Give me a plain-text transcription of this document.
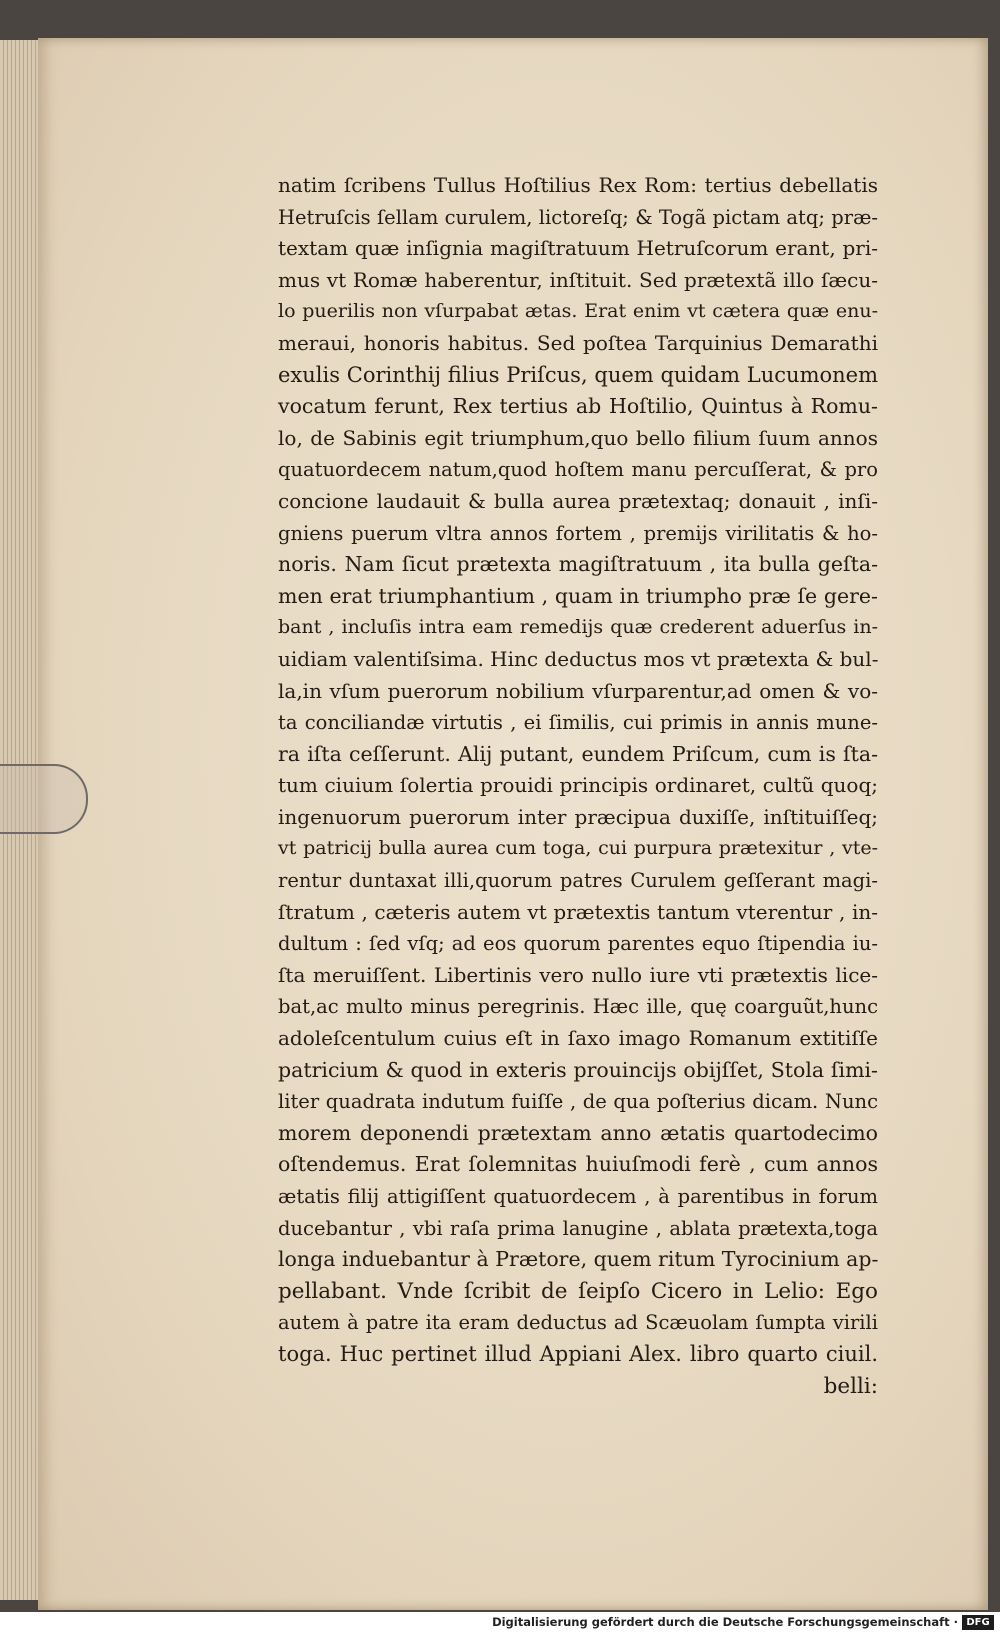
natim ſcribens Tullus Hoſtilius Rex Rom: tertius debellatis
Hetruſcis ſellam curulem, lictoreſq; & Togã pictam atq; præ-
textam quæ inſignia magiſtratuum Hetruſcorum erant, pri-
mus vt Romæ haberentur, inſtituit. Sed prætextã illo ſæcu-
lo puerilis non vſurpabat ætas. Erat enim vt cætera quæ enu-
meraui, honoris habitus. Sed poſtea Tarquinius Demarathi
exulis Corinthij filius Priſcus, quem quidam Lucumonem
vocatum ferunt, Rex tertius ab Hoſtilio, Quintus à Romu-
lo, de Sabinis egit triumphum,quo bello filium ſuum annos
quatuordecem natum,quod hoſtem manu percuſſerat, & pro
concione laudauit & bulla aurea prætextaq; donauit , inſi-
gniens puerum vltra annos fortem , premijs virilitatis & ho-
noris. Nam ſicut prætexta magiſtratuum , ita bulla geſta-
men erat triumphantium , quam in triumpho præ ſe gere-
bant , incluſis intra eam remedijs quæ crederent aduerſus in-
uidiam valentiſsima. Hinc deductus mos vt prætexta & bul-
la,in vſum puerorum nobilium vſurparentur,ad omen & vo-
ta conciliandæ virtutis , ei ſimilis, cui primis in annis mune-
ra iſta ceſſerunt. Alij putant, eundem Priſcum, cum is ſta-
tum ciuium ſolertia prouidi principis ordinaret, cultũ quoq;
ingenuorum puerorum inter præcipua duxiſſe, inſtituiſſeq;
vt patricij bulla aurea cum toga, cui purpura prætexitur , vte-
rentur duntaxat illi,quorum patres Curulem geſſerant magi-
ſtratum , cæteris autem vt prætextis tantum vterentur , in-
dultum : ſed vſq; ad eos quorum parentes equo ſtipendia iu-
ſta meruiſſent. Libertinis vero nullo iure vti prætextis lice-
bat,ac multo minus peregrinis. Hæc ille, quę coarguũt,hunc
adoleſcentulum cuius eſt in ſaxo imago Romanum extitiſſe
patricium & quod in exteris prouincijs obijſſet, Stola ſimi-
liter quadrata indutum fuiſſe , de qua poſterius dicam. Nunc
morem deponendi prætextam anno ætatis quartodecimo
oſtendemus. Erat ſolemnitas huiuſmodi ferè , cum annos
ætatis filij attigiſſent quatuordecem , à parentibus in forum
ducebantur , vbi raſa prima lanugine , ablata prætexta,toga
longa induebantur à Prætore, quem ritum Tyrocinium ap-
pellabant. Vnde ſcribit de ſeipſo Cicero in Lelio: Ego
autem à patre ita eram deductus ad Scæuolam ſumpta virili
toga. Huc pertinet illud Appiani Alex. libro quarto ciuil.
belli:
Digitalisierung gefördert durch die Deutsche Forschungsgemeinschaft · DFG
